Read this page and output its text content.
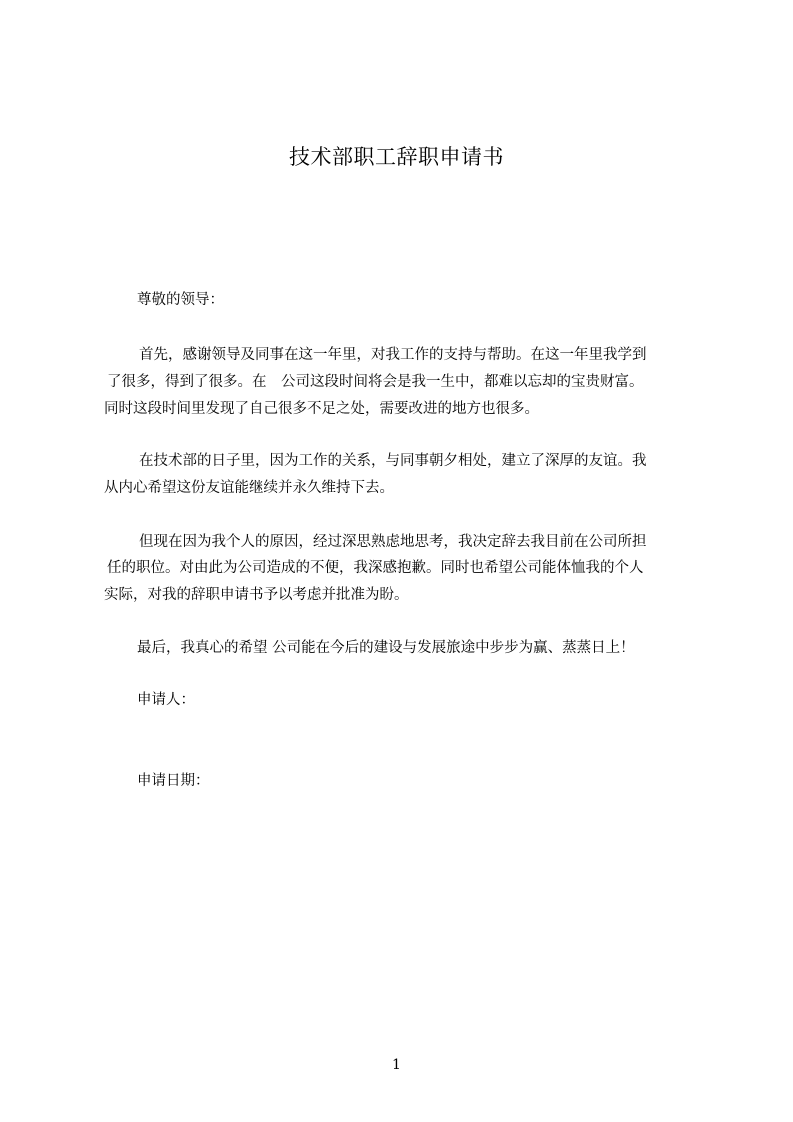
技术部职工辞职申请书
尊敬的领导：
首先，感谢领导及同事在这一年里，对我工作的支持与帮助。在这一年里我学到
了很多，得到了很多。在　公司这段时间将会是我一生中，都难以忘却的宝贵财富。
同时这段时间里发现了自己很多不足之处，需要改进的地方也很多。
在技术部的日子里，因为工作的关系，与同事朝夕相处，建立了深厚的友谊。我
从内心希望这份友谊能继续并永久维持下去。
但现在因为我个人的原因，经过深思熟虑地思考，我决定辞去我目前在公司所担
任的职位。对由此为公司造成的不便，我深感抱歉。同时也希望公司能体恤我的个人
实际，对我的辞职申请书予以考虑并批准为盼。
最后，我真心的希望 公司能在今后的建设与发展旅途中步步为赢、蒸蒸日上！
申请人：
申请日期：
1
